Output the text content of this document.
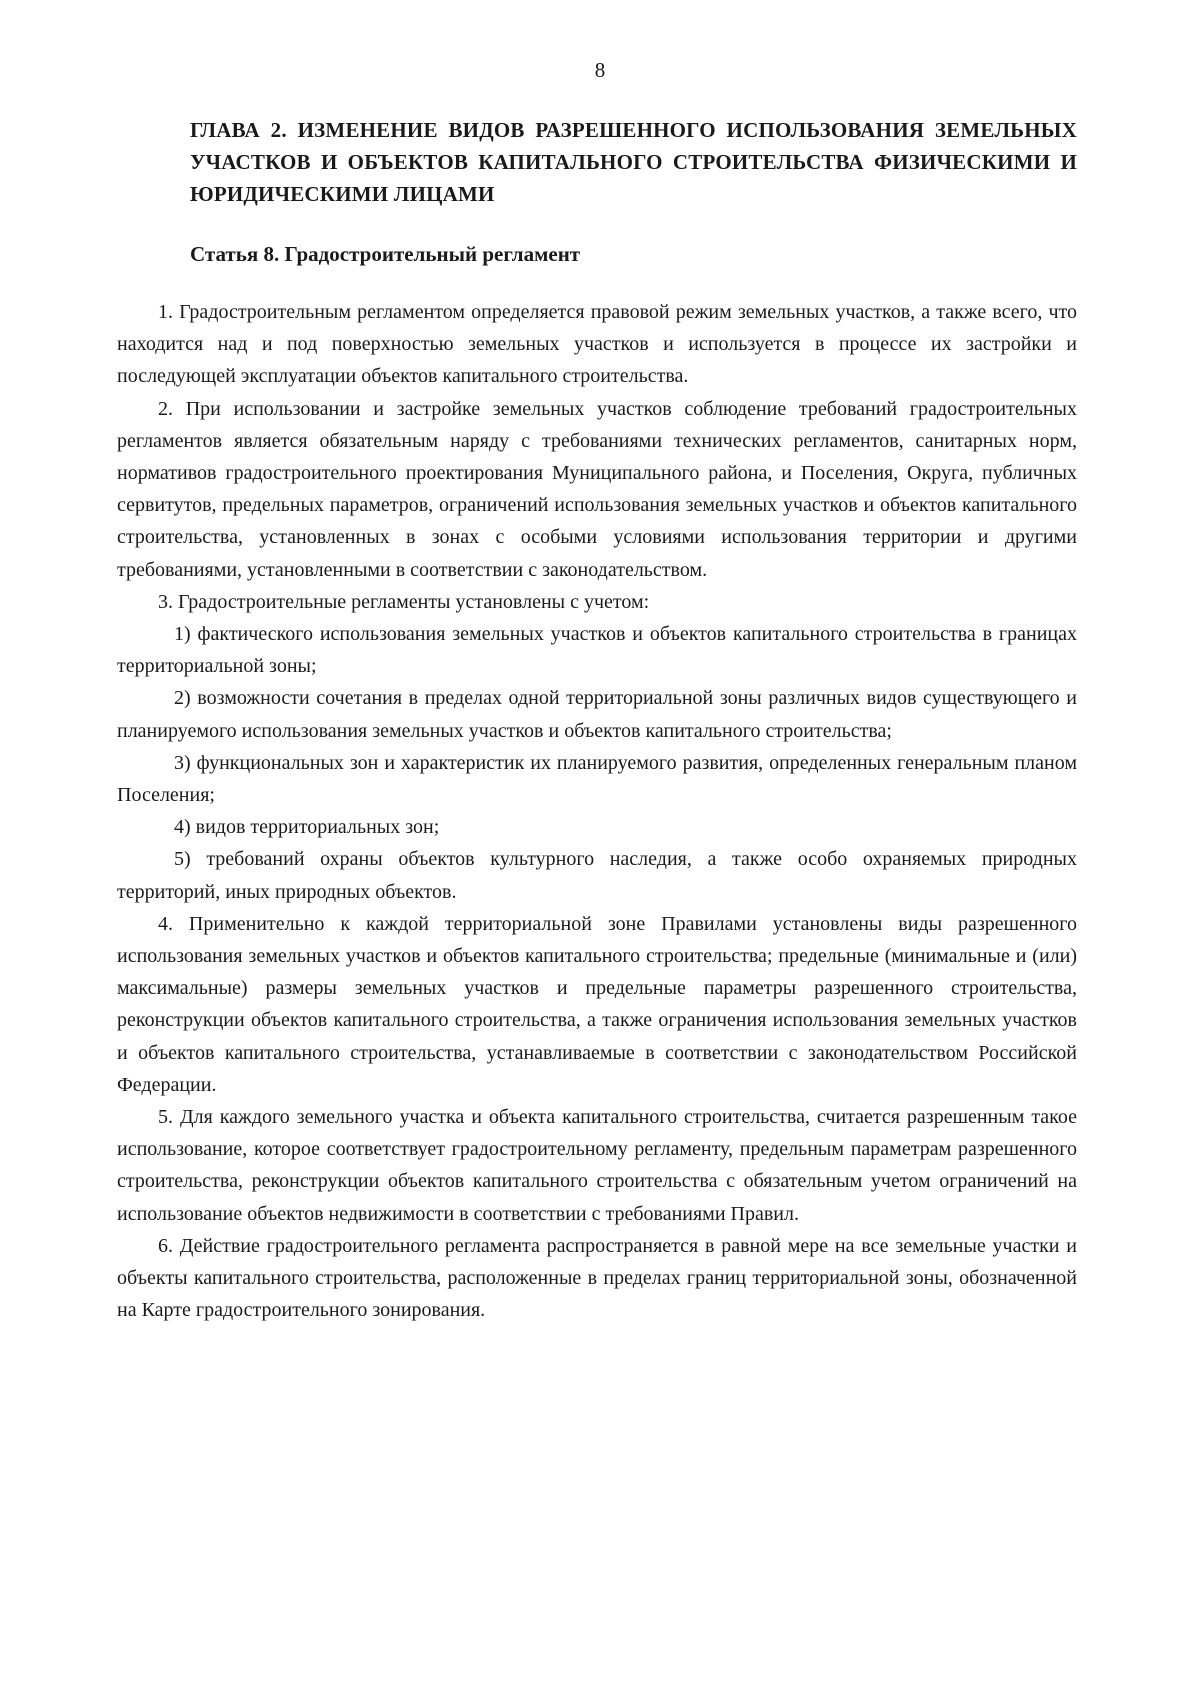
8
ГЛАВА 2. ИЗМЕНЕНИЕ ВИДОВ РАЗРЕШЕННОГО ИСПОЛЬЗОВАНИЯ ЗЕМЕЛЬНЫХ УЧАСТКОВ И ОБЪЕКТОВ КАПИТАЛЬНОГО СТРОИТЕЛЬСТВА ФИЗИЧЕСКИМИ И ЮРИДИЧЕСКИМИ ЛИЦАМИ
Статья 8. Градостроительный регламент

1. Градостроительным регламентом определяется правовой режим земельных участков, а также всего, что находится над и под поверхностью земельных участков и используется в процессе их застройки и последующей эксплуатации объектов капитального строительства.

2. При использовании и застройке земельных участков соблюдение требований градостроительных регламентов является обязательным наряду с требованиями технических регламентов, санитарных норм, нормативов градостроительного проектирования Муниципального района, и Поселения, Округа, публичных сервитутов, предельных параметров, ограничений использования земельных участков и объектов капитального строительства, установленных в зонах с особыми условиями использования территории и другими требованиями, установленными в соответствии с законодательством.

3. Градостроительные регламенты установлены с учетом:

1) фактического использования земельных участков и объектов капитального строительства в границах территориальной зоны;

2) возможности сочетания в пределах одной территориальной зоны различных видов существующего и планируемого использования земельных участков и объектов капитального строительства;

3) функциональных зон и характеристик их планируемого развития, определенных генеральным планом Поселения;

4) видов территориальных зон;

5) требований охраны объектов культурного наследия, а также особо охраняемых природных территорий, иных природных объектов.

4. Применительно к каждой территориальной зоне Правилами установлены виды разрешенного использования земельных участков и объектов капитального строительства; предельные (минимальные и (или) максимальные) размеры земельных участков и предельные параметры разрешенного строительства, реконструкции объектов капитального строительства, а также ограничения использования земельных участков и объектов капитального строительства, устанавливаемые в соответствии с законодательством Российской Федерации.

5. Для каждого земельного участка и объекта капитального строительства, считается разрешенным такое использование, которое соответствует градостроительному регламенту, предельным параметрам разрешенного строительства, реконструкции объектов капитального строительства с обязательным учетом ограничений на использование объектов недвижимости в соответствии с требованиями Правил.

6. Действие градостроительного регламента распространяется в равной мере на все земельные участки и объекты капитального строительства, расположенные в пределах границ территориальной зоны, обозначенной на Карте градостроительного зонирования.
